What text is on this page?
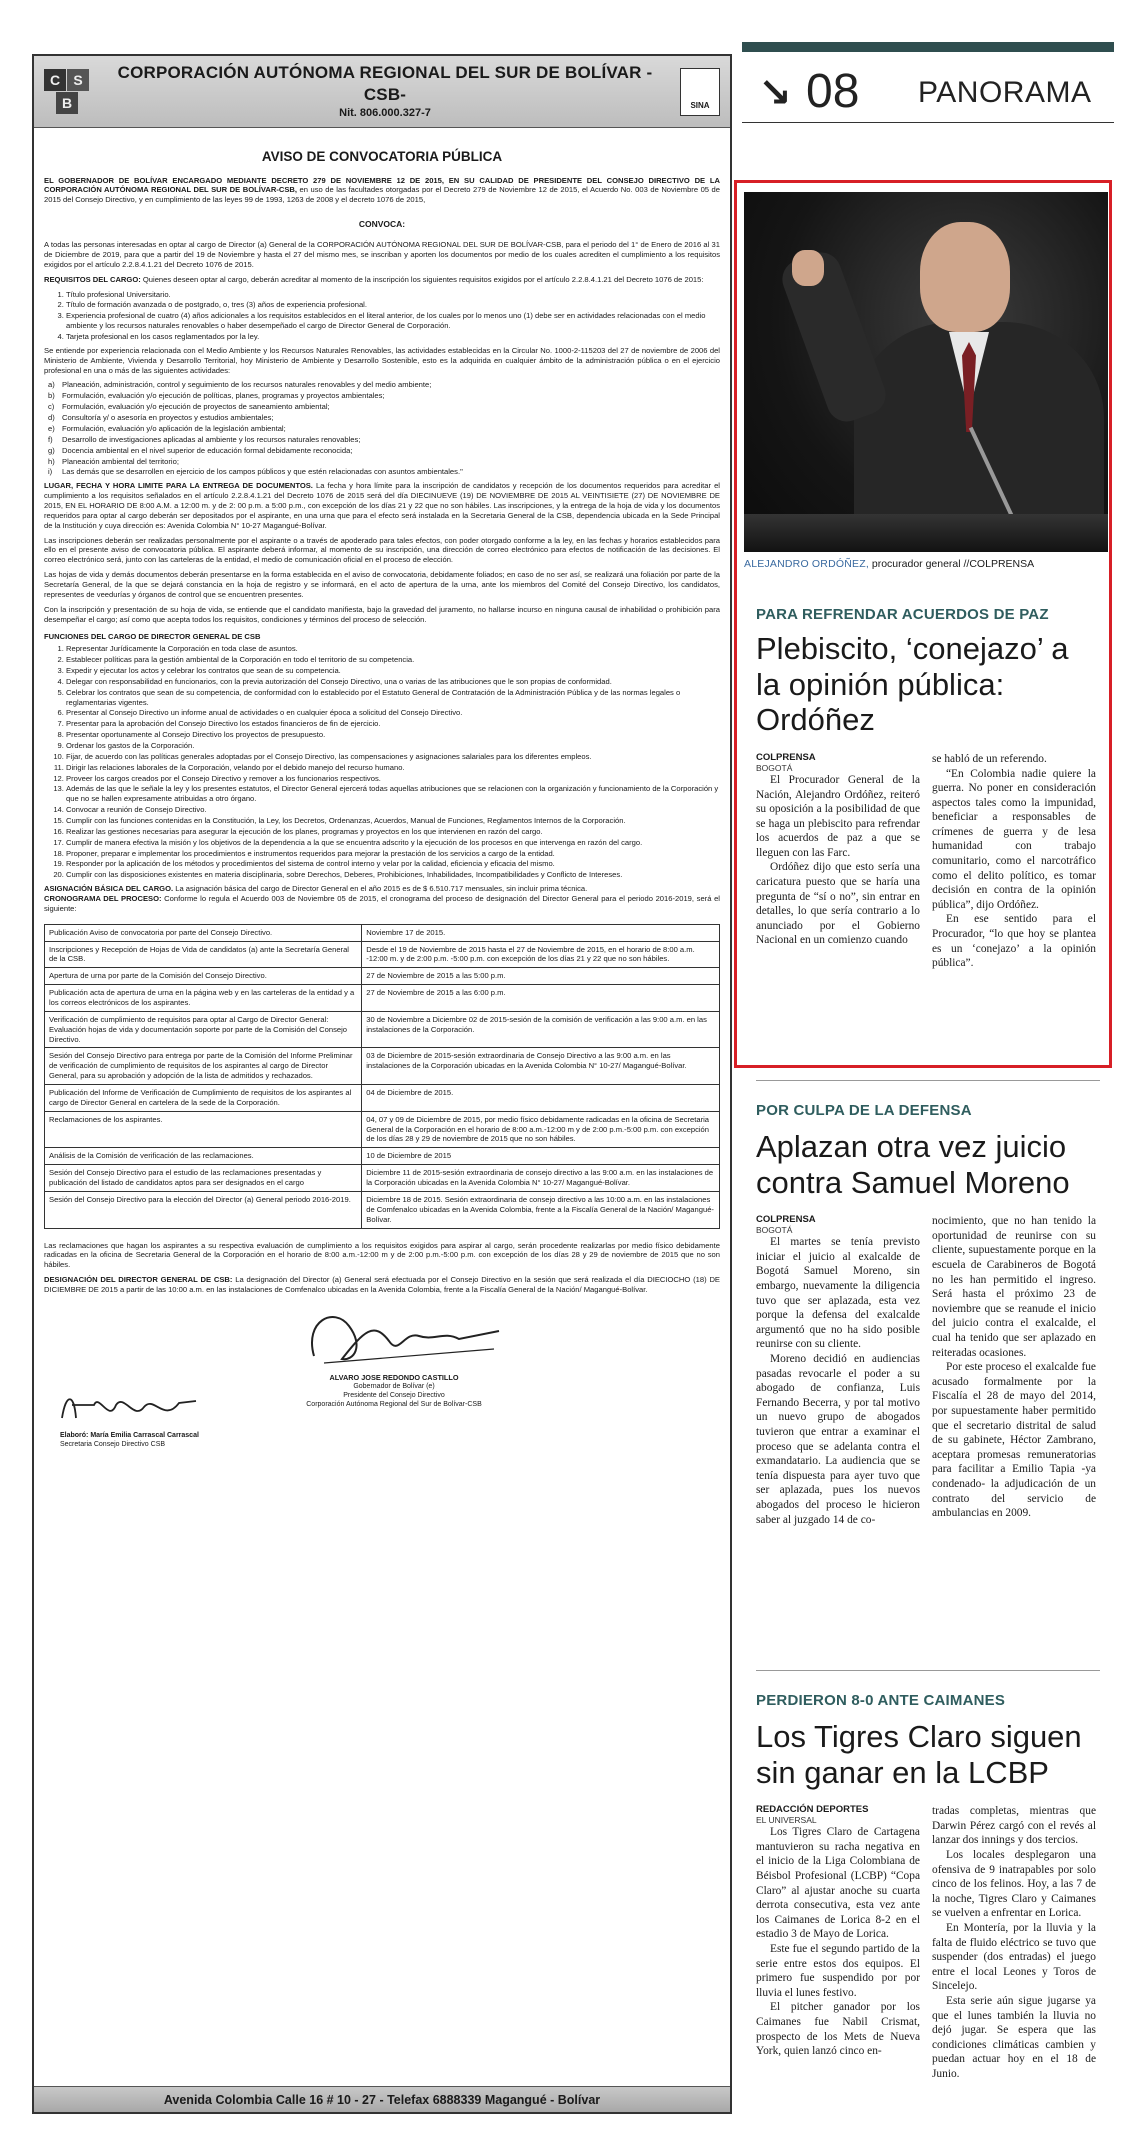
C S
B
CORPORACIÓN AUTÓNOMA REGIONAL DEL SUR DE BOLÍVAR -CSB-
Nit. 806.000.327-7
SINA
AVISO DE CONVOCATORIA PÚBLICA

EL GOBERNADOR DE BOLÍVAR ENCARGADO MEDIANTE DECRETO 279 DE NOVIEMBRE 12 DE 2015, EN SU CALIDAD DE PRESIDENTE DEL CONSEJO DIRECTIVO DE LA CORPORACIÓN AUTÓNOMA REGIONAL DEL SUR DE BOLÍVAR-CSB, en uso de las facultades otorgadas por el Decreto 279 de Noviembre 12 de 2015, el Acuerdo No. 003 de Noviembre 05 de 2015 del Consejo Directivo, y en cumplimiento de las leyes 99 de 1993, 1263 de 2008 y el decreto 1076 de 2015,

CONVOCA:

A todas las personas interesadas en optar al cargo de Director (a) General de la CORPORACIÓN AUTÓNOMA REGIONAL DEL SUR DE BOLÍVAR-CSB, para el periodo del 1° de Enero de 2016 al 31 de Diciembre de 2019, para que a partir del 19 de Noviembre y hasta el 27 del mismo mes, se inscriban y aporten los documentos por medio de los cuales acrediten el cumplimiento a los requisitos exigidos por el artículo 2.2.8.4.1.21 del Decreto 1076 de 2015.

REQUISITOS DEL CARGO: Quienes deseen optar al cargo, deberán acreditar al momento de la inscripción los siguientes requisitos exigidos por el artículo 2.2.8.4.1.21 del Decreto 1076 de 2015:

1. Título profesional Universitario.
2. Título de formación avanzada o de postgrado, o, tres (3) años de experiencia profesional.
3. Experiencia profesional de cuatro (4) años adicionales a los requisitos establecidos en el literal anterior, de los cuales por lo menos uno (1) debe ser en actividades relacionadas con el medio ambiente y los recursos naturales renovables o haber desempeñado el cargo de Director General de Corporación.
4. Tarjeta profesional en los casos reglamentados por la ley.

Se entiende por experiencia relacionada con el Medio Ambiente y los Recursos Naturales Renovables, las actividades establecidas en la Circular No. 1000-2-115203 del 27 de noviembre de 2006 del Ministerio de Ambiente, Vivienda y Desarrollo Territorial, hoy Ministerio de Ambiente y Desarrollo Sostenible, esto es la adquirida en cualquier ámbito de la administración pública o en el ejercicio profesional en una o más de las siguientes actividades:

a) Planeación, administración, control y seguimiento de los recursos naturales renovables y del medio ambiente;
b) Formulación, evaluación y/o ejecución de políticas, planes, programas y proyectos ambientales;
c) Formulación, evaluación y/o ejecución de proyectos de saneamiento ambiental;
d) Consultoría y/ o asesoría en proyectos y estudios ambientales;
e) Formulación, evaluación y/o aplicación de la legislación ambiental;
f) Desarrollo de investigaciones aplicadas al ambiente y los recursos naturales renovables;
g) Docencia ambiental en el nivel superior de educación formal debidamente reconocida;
h) Planeación ambiental del territorio;
i) Las demás que se desarrollen en ejercicio de los campos públicos y que estén relacionadas con asuntos ambientales."

LUGAR, FECHA Y HORA LIMITE PARA LA ENTREGA DE DOCUMENTOS. La fecha y hora límite para la inscripción de candidatos y recepción de los documentos requeridos para acreditar el cumplimiento a los requisitos señalados en el artículo 2.2.8.4.1.21 del Decreto 1076 de 2015 será del día DIECINUEVE (19) DE NOVIEMBRE DE 2015 AL VEINTISIETE (27) DE NOVIEMBRE DE 2015, EN EL HORARIO DE 8:00 A.M. a 12:00 m. y de 2: 00 p.m. a 5:00 p.m., con excepción de los días 21 y 22 que no son hábiles. Las inscripciones, y la entrega de la hoja de vida y los documentos requeridos para optar al cargo deberán ser depositados por el aspirante, en una urna que para el efecto será instalada en la Secretaria General de la CSB, dependencia ubicada en la Sede Principal de la Institución y cuya dirección es: Avenida Colombia N° 10-27 Magangué-Bolívar.

Las inscripciones deberán ser realizadas personalmente por el aspirante o a través de apoderado para tales efectos, con poder otorgado conforme a la ley, en las fechas y horarios establecidos para ello en el presente aviso de convocatoria pública. El aspirante deberá informar, al momento de su inscripción, una dirección de correo electrónico para efectos de notificación de las decisiones. El correo electrónico será, junto con las carteleras de la entidad, el medio de comunicación oficial en el proceso de elección.

Las hojas de vida y demás documentos deberán presentarse en la forma establecida en el aviso de convocatoria, debidamente foliados; en caso de no ser así, se realizará una foliación por parte de la Secretaría General, de la que se dejará constancia en la hoja de registro y se informará, en el acto de apertura de la urna, ante los miembros del Comité del Consejo Directivo, los candidatos, representes de veedurías y órganos de control que se encuentren presentes.

Con la inscripción y presentación de su hoja de vida, se entiende que el candidato manifiesta, bajo la gravedad del juramento, no hallarse incurso en ninguna causal de inhabilidad o prohibición para desempeñar el cargo; así como que acepta todos los requisitos, condiciones y términos del proceso de selección.

FUNCIONES DEL CARGO DE DIRECTOR GENERAL DE CSB
1. Representar Jurídicamente la Corporación en toda clase de asuntos.
2. Establecer políticas para la gestión ambiental de la Corporación en todo el territorio de su competencia.
3. Expedir y ejecutar los actos y celebrar los contratos que sean de su competencia.
4. Delegar con responsabilidad en funcionarios, con la previa autorización del Consejo Directivo, una o varias de las atribuciones que le son propias de conformidad.
5. Celebrar los contratos que sean de su competencia, de conformidad con lo establecido por el Estatuto General de Contratación de la Administración Pública y de las normas legales o reglamentarias vigentes.
6. Presentar al Consejo Directivo un informe anual de actividades o en cualquier época a solicitud del Consejo Directivo.
7. Presentar para la aprobación del Consejo Directivo los estados financieros de fin de ejercicio.
8. Presentar oportunamente al Consejo Directivo los proyectos de presupuesto.
9. Ordenar los gastos de la Corporación.
10. Fijar, de acuerdo con las políticas generales adoptadas por el Consejo Directivo, las compensaciones y asignaciones salariales para los diferentes empleos.
11. Dirigir las relaciones laborales de la Corporación, velando por el debido manejo del recurso humano.
12. Proveer los cargos creados por el Consejo Directivo y remover a los funcionarios respectivos.
13. Además de las que le señale la ley y los presentes estatutos, el Director General ejercerá todas aquellas atribuciones que se relacionen con la organización y funcionamiento de la Corporación y que no se hallen expresamente atribuidas a otro órgano.
14. Convocar a reunión de Consejo Directivo.
15. Cumplir con las funciones contenidas en la Constitución, la Ley, los Decretos, Ordenanzas, Acuerdos, Manual de Funciones, Reglamentos Internos de la Corporación.
16. Realizar las gestiones necesarias para asegurar la ejecución de los planes, programas y proyectos en los que intervienen en razón del cargo.
17. Cumplir de manera efectiva la misión y los objetivos de la dependencia a la que se encuentra adscrito y la ejecución de los procesos en que intervenga en razón del cargo.
18. Proponer, preparar e implementar los procedimientos e instrumentos requeridos para mejorar la prestación de los servicios a cargo de la entidad.
19. Responder por la aplicación de los métodos y procedimientos del sistema de control interno y velar por la calidad, eficiencia y eficacia del mismo.
20. Cumplir con las disposiciones existentes en materia disciplinaria, sobre Derechos, Deberes, Prohibiciones, Inhabilidades, Incompatibilidades y Conflicto de Intereses.

ASIGNACIÓN BÁSICA DEL CARGO. La asignación básica del cargo de Director General en el año 2015 es de $ 6.510.717 mensuales, sin incluir prima técnica.
CRONOGRAMA DEL PROCESO: Conforme lo regula el Acuerdo 003 de Noviembre 05 de 2015, el cronograma del proceso de designación del Director General para el periodo 2016-2019, será el siguiente:

Publicación Aviso de convocatoria por parte del Consejo Directivo.	Noviembre 17 de 2015.
Inscripciones y Recepción de Hojas de Vida de candidatos (a) ante la Secretaría General de la CSB.	Desde el 19 de Noviembre de 2015 hasta el 27 de Noviembre de 2015, en el horario de 8:00 a.m. -12:00 m. y de 2:00 p.m. -5:00 p.m. con excepción de los días 21 y 22 que no son hábiles.
Apertura de urna por parte de la Comisión del Consejo Directivo.	27 de Noviembre de 2015 a las 5:00 p.m.
Publicación acta de apertura de urna en la página web y en las carteleras de la entidad y a los correos electrónicos de los aspirantes.	27 de Noviembre de 2015 a las 6:00 p.m.
Verificación de cumplimiento de requisitos para optar al Cargo de Director General: Evaluación hojas de vida y documentación soporte por parte de la Comisión del Consejo Directivo.	30 de Noviembre a Diciembre 02 de 2015-sesión de la comisión de verificación a las 9:00 a.m. en las instalaciones de la Corporación.
Sesión del Consejo Directivo para entrega por parte de la Comisión del Informe Preliminar de verificación de cumplimiento de requisitos de los aspirantes al cargo de Director General, para su aprobación y adopción de la lista de admitidos y rechazados.	03 de Diciembre de 2015-sesión extraordinaria de Consejo Directivo a las 9:00 a.m. en las instalaciones de la Corporación ubicadas en la Avenida Colombia N° 10-27/ Magangué-Bolívar.
Publicación del Informe de Verificación de Cumplimiento de requisitos de los aspirantes al cargo de Director General en cartelera de la sede de la Corporación.	04 de Diciembre de 2015.
Reclamaciones de los aspirantes.	04, 07 y 09 de Diciembre de 2015, por medio físico debidamente radicadas en la oficina de Secretaria General de la Corporación en el horario de 8:00 a.m.-12:00 m y de 2:00 p.m.-5:00 p.m. con excepción de los días 28 y 29 de noviembre de 2015 que no son hábiles.
Análisis de la Comisión de verificación de las reclamaciones.	10 de Diciembre de 2015
Sesión del Consejo Directivo para el estudio de las reclamaciones presentadas y publicación del listado de candidatos aptos para ser designados en el cargo	Diciembre 11 de 2015-sesión extraordinaria de consejo directivo a las 9:00 a.m. en las instalaciones de la Corporación ubicadas en la Avenida Colombia N° 10-27/ Magangué-Bolívar.
Sesión del Consejo Directivo para la elección del Director (a) General periodo 2016-2019.	Diciembre 18 de 2015. Sesión extraordinaria de consejo directivo a las 10:00 a.m. en las instalaciones de Comfenalco ubicadas en la Avenida Colombia, frente a la Fiscalía General de la Nación/ Magangué-Bolívar.

Las reclamaciones que hagan los aspirantes a su respectiva evaluación de cumplimiento a los requisitos exigidos para aspirar al cargo, serán procedente realizarlas por medio físico debidamente radicadas en la oficina de Secretaria General de la Corporación en el horario de 8:00 a.m.-12:00 m y de 2:00 p.m.-5:00 p.m. con excepción de los días 28 y 29 de noviembre de 2015 que no son hábiles.

DESIGNACIÓN DEL DIRECTOR GENERAL DE CSB: La designación del Director (a) General será efectuada por el Consejo Directivo en la sesión que será realizada el día DIECIOCHO (18) DE DICIEMBRE DE 2015 a partir de las 10:00 a.m. en las instalaciones de Comfenalco ubicadas en la Avenida Colombia, frente a la Fiscalía General de la Nación/ Magangué-Bolívar.

ALVARO JOSE REDONDO CASTILLO
Gobernador de Bolívar (e)
Presidente del Consejo Directivo
Corporación Autónoma Regional del Sur de Bolívar-CSB
Elaboró: María Emilia Carrascal Carrascal
Secretaria Consejo Directivo CSB
Avenida Colombia Calle 16 # 10 - 27 - Telefax 6888339 Magangué - Bolívar
↘ 08 PANORAMA
ALEJANDRO ORDÓÑEZ, procurador general //COLPRENSA
PARA REFRENDAR ACUERDOS DE PAZ
Plebiscito, ‘conejazo’ a la opinión pública: Ordóñez
COLPRENSA
BOGOTÁ

El Procurador General de la Nación, Alejandro Ordóñez, reiteró su oposición a la posibilidad de que se haga un plebiscito para refrendar los acuerdos de paz a que se lleguen con las Farc.

Ordóñez dijo que esto sería una caricatura puesto que se haría una pregunta de “sí o no”, sin entrar en detalles, lo que sería contrario a lo anunciado por el Gobierno Nacional en un comienzo cuando

se habló de un referendo.

“En Colombia nadie quiere la guerra. No poner en consideración aspectos tales como la impunidad, beneficiar a responsables de crímenes de guerra y de lesa humanidad con trabajo comunitario, como el narcotráfico como el delito político, es tomar decisión en contra de la opinión pública”, dijo Ordóñez.

En ese sentido para el Procurador, “lo que hoy se plantea es un ‘conejazo’ a la opinión pública”.

POR CULPA DE LA DEFENSA
Aplazan otra vez juicio contra Samuel Moreno
COLPRENSA
BOGOTÁ

El martes se tenía previsto iniciar el juicio al exalcalde de Bogotá Samuel Moreno, sin embargo, nuevamente la diligencia tuvo que ser aplazada, esta vez porque la defensa del exalcalde argumentó que no ha sido posible reunirse con su cliente.

Moreno decidió en audiencias pasadas revocarle el poder a su abogado de confianza, Luis Fernando Becerra, y por tal motivo un nuevo grupo de abogados tuvieron que entrar a examinar el proceso que se adelanta contra el exmandatario. La audiencia que se tenía dispuesta para ayer tuvo que ser aplazada, pues los nuevos abogados del proceso le hicieron saber al juzgado 14 de co-

nocimiento, que no han tenido la oportunidad de reunirse con su cliente, supuestamente porque en la escuela de Carabineros de Bogotá no les han permitido el ingreso. Será hasta el próximo 23 de noviembre que se reanude el inicio del juicio contra el exalcalde, el cual ha tenido que ser aplazado en reiteradas ocasiones.

Por este proceso el exalcalde fue acusado formalmente por la Fiscalía el 28 de mayo del 2014, por supuestamente haber permitido que el secretario distrital de salud de su gabinete, Héctor Zambrano, aceptara promesas remuneratorias para facilitar a Emilio Tapia -ya condenado- la adjudicación de un contrato del servicio de ambulancias en 2009.

PERDIERON 8-0 ANTE CAIMANES
Los Tigres Claro siguen sin ganar en la LCBP
REDACCIÓN DEPORTES
EL UNIVERSAL

Los Tigres Claro de Cartagena mantuvieron su racha negativa en el inicio de la Liga Colombiana de Béisbol Profesional (LCBP) “Copa Claro” al ajustar anoche su cuarta derrota consecutiva, esta vez ante los Caimanes de Lorica 8-2 en el estadio 3 de Mayo de Lorica.

Este fue el segundo partido de la serie entre estos dos equipos. El primero fue suspendido por por lluvia el lunes festivo.

El pitcher ganador por los Caimanes fue Nabil Crismat, prospecto de los Mets de Nueva York, quien lanzó cinco en-

tradas completas, mientras que Darwin Pérez cargó con el revés al lanzar dos innings y dos tercios.

Los locales desplegaron una ofensiva de 9 inatrapables por solo cinco de los felinos. Hoy, a las 7 de la noche, Tigres Claro y Caimanes se vuelven a enfrentar en Lorica.

En Montería, por la lluvia y la falta de fluido eléctrico se tuvo que suspender (dos entradas) el juego entre el local Leones y Toros de Sincelejo.

Esta serie aún sigue jugarse ya que el lunes también la lluvia no dejó jugar. Se espera que las condiciones climáticas cambien y puedan actuar hoy en el 18 de Junio.
